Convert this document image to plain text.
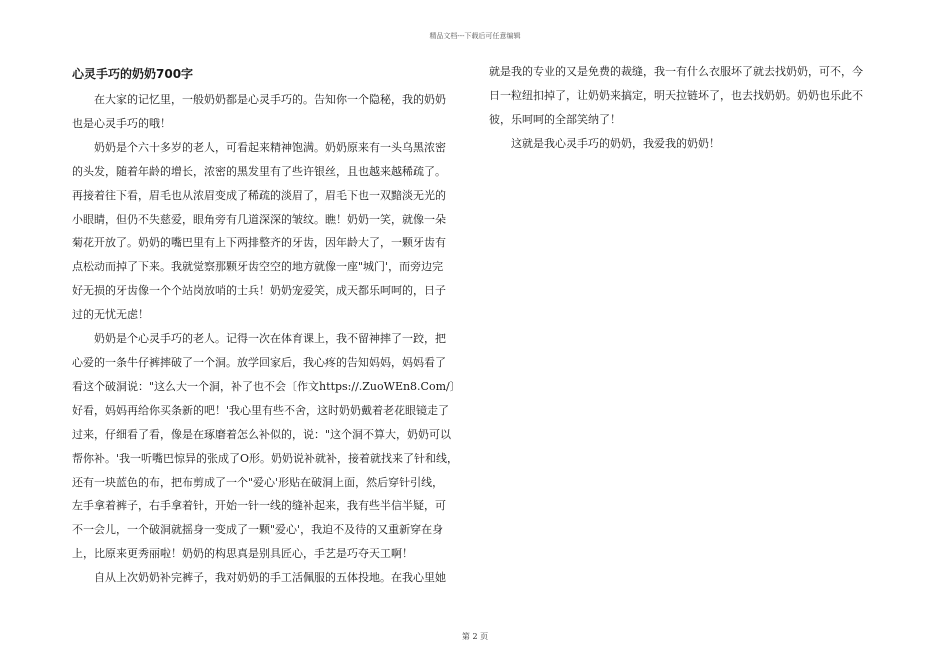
精品文档---下载后可任意编辑
心灵手巧的奶奶700字

在大家的记忆里，一般奶奶都是心灵手巧的。告知你一个隐秘，我的奶奶

也是心灵手巧的哦！

奶奶是个六十多岁的老人，可看起来精神饱满。奶奶原来有一头乌黑浓密

的头发，随着年龄的增长，浓密的黑发里有了些许银丝，且也越来越稀疏了。

再接着往下看，眉毛也从浓眉变成了稀疏的淡眉了，眉毛下也一双黯淡无光的

小眼睛，但仍不失慈爱，眼角旁有几道深深的皱纹。瞧！奶奶一笑，就像一朵

菊花开放了。奶奶的嘴巴里有上下两排整齐的牙齿，因年龄大了，一颗牙齿有

点松动而掉了下来。我就觉察那颗牙齿空空的地方就像一座"城门'，而旁边完

好无损的牙齿像一个个站岗放哨的士兵！奶奶宠爱笑，成天都乐呵呵的，日子

过的无忧无虑！

奶奶是个心灵手巧的老人。记得一次在体育课上，我不留神摔了一跤，把

心爱的一条牛仔裤摔破了一个洞。放学回家后，我心疼的告知妈妈，妈妈看了

看这个破洞说："这么大一个洞，补了也不会〔作文https://.ZuoWEn8.Com/〕

好看，妈妈再给你买条新的吧！'我心里有些不舍，这时奶奶戴着老花眼镜走了

过来，仔细看了看，像是在琢磨着怎么补似的，说："这个洞不算大，奶奶可以

帮你补。'我一听嘴巴惊异的张成了O形。奶奶说补就补，接着就找来了针和线，

还有一块蓝色的布，把布剪成了一个"爱心'形贴在破洞上面，然后穿针引线，

左手拿着裤子，右手拿着针，开始一针一线的缝补起来，我有些半信半疑，可

不一会儿，一个破洞就摇身一变成了一颗"爱心'，我迫不及待的又重新穿在身

上，比原来更秀丽啦！奶奶的构思真是别具匠心，手艺是巧夺天工啊！

自从上次奶奶补完裤子，我对奶奶的手工活佩服的五体投地。在我心里她

就是我的专业的又是免费的裁缝，我一有什么衣服坏了就去找奶奶，可不，今

日一粒纽扣掉了，让奶奶来搞定，明天拉链坏了，也去找奶奶。奶奶也乐此不

彼，乐呵呵的全部笑纳了！

这就是我心灵手巧的奶奶，我爱我的奶奶！

第 2 页
